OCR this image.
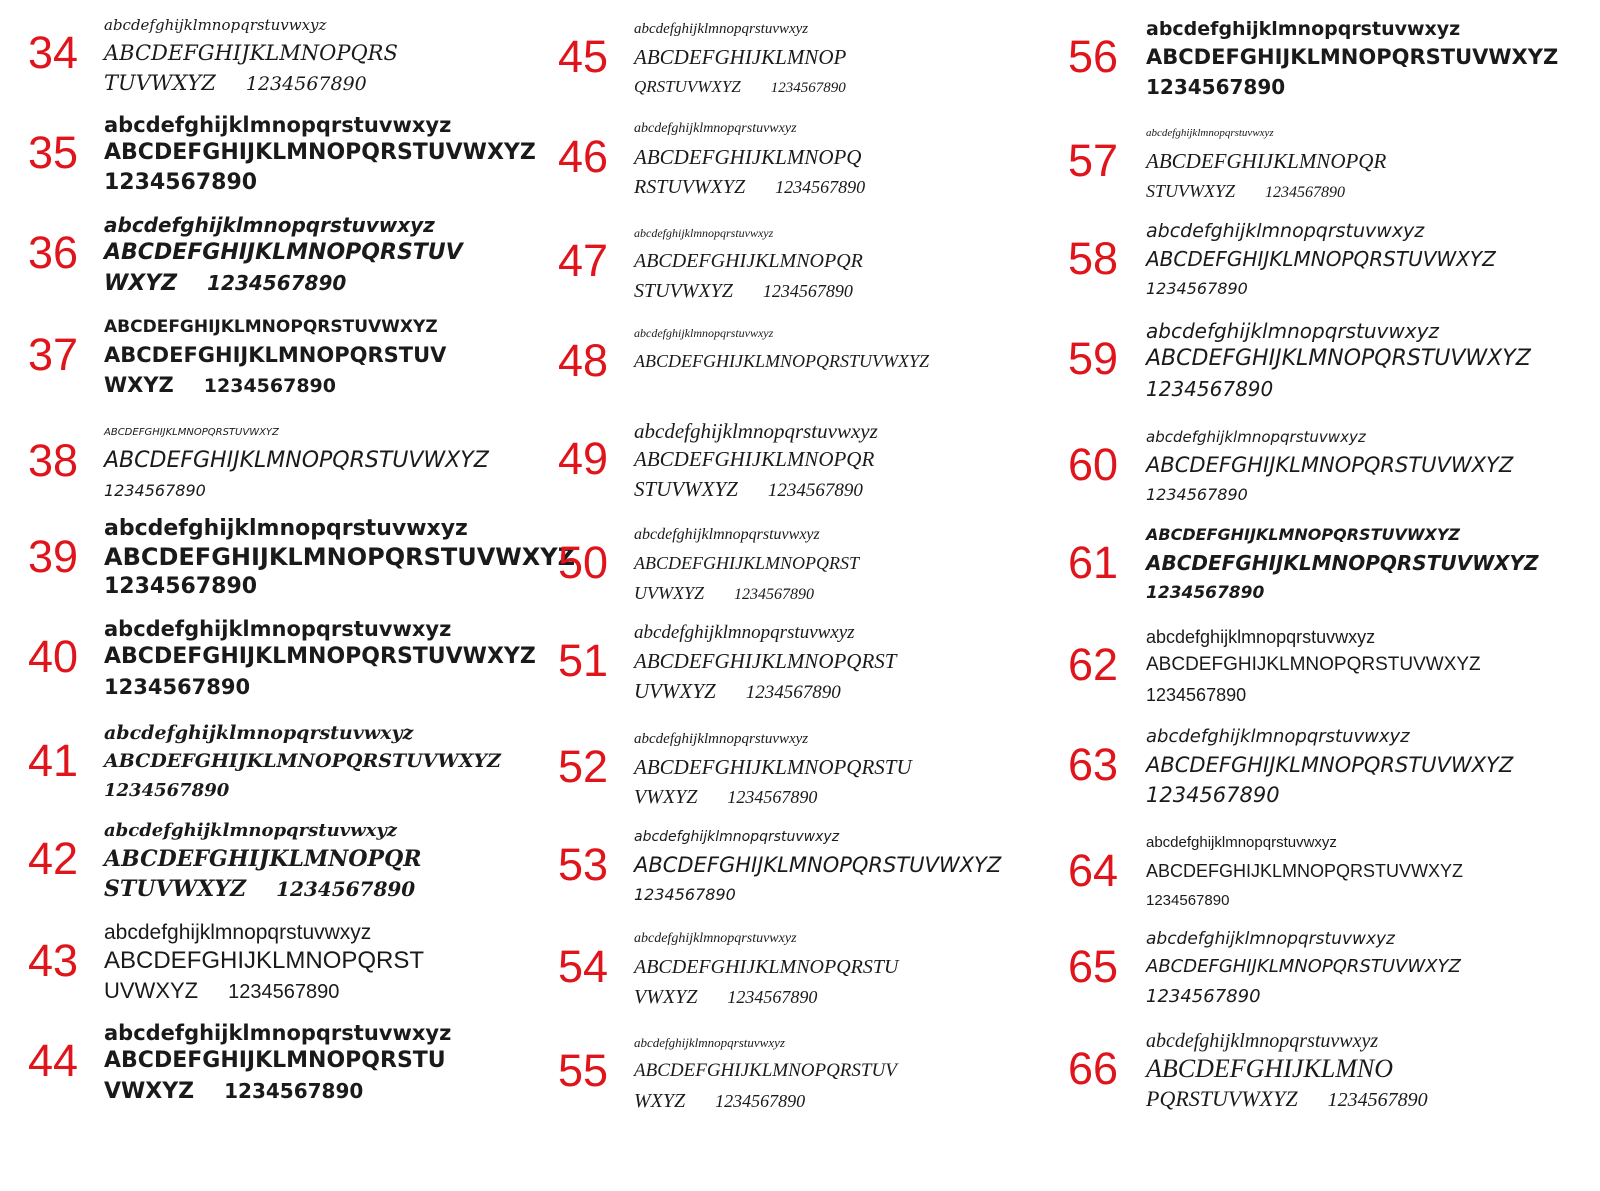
34
abcdefghijklmnopqrstuvwxyz
ABCDEFGHIJKLMNOPQRS
TUVWXYZ 1234567890
35
abcdefghijklmnopqrstuvwxyz
ABCDEFGHIJKLMNOPQRSTUVWXYZ
1234567890
36
abcdefghijklmnopqrstuvwxyz
ABCDEFGHIJKLMNOPQRSTUV
WXYZ 1234567890
37
ABCDEFGHIJKLMNOPQRSTUVWXYZ
ABCDEFGHIJKLMNOPQRSTUV
WXYZ 1234567890
38
ABCDEFGHIJKLMNOPQRSTUVWXYZ
ABCDEFGHIJKLMNOPQRSTUVWXYZ
1234567890
39
abcdefghijklmnopqrstuvwxyz
ABCDEFGHIJKLMNOPQRSTUVWXYZ
1234567890
40
abcdefghijklmnopqrstuvwxyz
ABCDEFGHIJKLMNOPQRSTUVWXYZ
1234567890
41
abcdefghijklmnopqrstuvwxyz
ABCDEFGHIJKLMNOPQRSTUVWXYZ
1234567890
42
abcdefghijklmnopqrstuvwxyz
ABCDEFGHIJKLMNOPQR
STUVWXYZ 1234567890
43
abcdefghijklmnopqrstuvwxyz
ABCDEFGHIJKLMNOPQRST
UVWXYZ 1234567890
44
abcdefghijklmnopqrstuvwxyz
ABCDEFGHIJKLMNOPQRSTU
VWXYZ 1234567890
45
abcdefghijklmnopqrstuvwxyz
ABCDEFGHIJKLMNOP
QRSTUVWXYZ 1234567890
46
abcdefghijklmnopqrstuvwxyz
ABCDEFGHIJKLMNOPQ
RSTUVWXYZ 1234567890
47
abcdefghijklmnopqrstuvwxyz
ABCDEFGHIJKLMNOPQR
STUVWXYZ 1234567890
48
abcdefghijklmnopqrstuvwxyz
ABCDEFGHIJKLMNOPQRSTUVWXYZ
49
abcdefghijklmnopqrstuvwxyz
ABCDEFGHIJKLMNOPQR
STUVWXYZ 1234567890
50
abcdefghijklmnopqrstuvwxyz
ABCDEFGHIJKLMNOPQRST
UVWXYZ 1234567890
51
abcdefghijklmnopqrstuvwxyz
ABCDEFGHIJKLMNOPQRST
UVWXYZ 1234567890
52
abcdefghijklmnopqrstuvwxyz
ABCDEFGHIJKLMNOPQRSTU
VWXYZ 1234567890
53
abcdefghijklmnopqrstuvwxyz
ABCDEFGHIJKLMNOPQRSTUVWXYZ
1234567890
54
abcdefghijklmnopqrstuvwxyz
ABCDEFGHIJKLMNOPQRSTU
VWXYZ 1234567890
55
abcdefghijklmnopqrstuvwxyz
ABCDEFGHIJKLMNOPQRSTUV
WXYZ 1234567890
56
abcdefghijklmnopqrstuvwxyz
ABCDEFGHIJKLMNOPQRSTUVWXYZ
1234567890
57
abcdefghijklmnopqrstuvwxyz
ABCDEFGHIJKLMNOPQR
STUVWXYZ 1234567890
58
abcdefghijklmnopqrstuvwxyz
ABCDEFGHIJKLMNOPQRSTUVWXYZ
1234567890
59
abcdefghijklmnopqrstuvwxyz
ABCDEFGHIJKLMNOPQRSTUVWXYZ
1234567890
60
abcdefghijklmnopqrstuvwxyz
ABCDEFGHIJKLMNOPQRSTUVWXYZ
1234567890
61
ABCDEFGHIJKLMNOPQRSTUVWXYZ
ABCDEFGHIJKLMNOPQRSTUVWXYZ
1234567890
62
abcdefghijklmnopqrstuvwxyz
ABCDEFGHIJKLMNOPQRSTUVWXYZ
1234567890
63
abcdefghijklmnopqrstuvwxyz
ABCDEFGHIJKLMNOPQRSTUVWXYZ
1234567890
64
abcdefghijklmnopqrstuvwxyz
ABCDEFGHIJKLMNOPQRSTUVWXYZ
1234567890
65
abcdefghijklmnopqrstuvwxyz
ABCDEFGHIJKLMNOPQRSTUVWXYZ
1234567890
66
abcdefghijklmnopqrstuvwxyz
ABCDEFGHIJKLMNO
PQRSTUVWXYZ 1234567890
